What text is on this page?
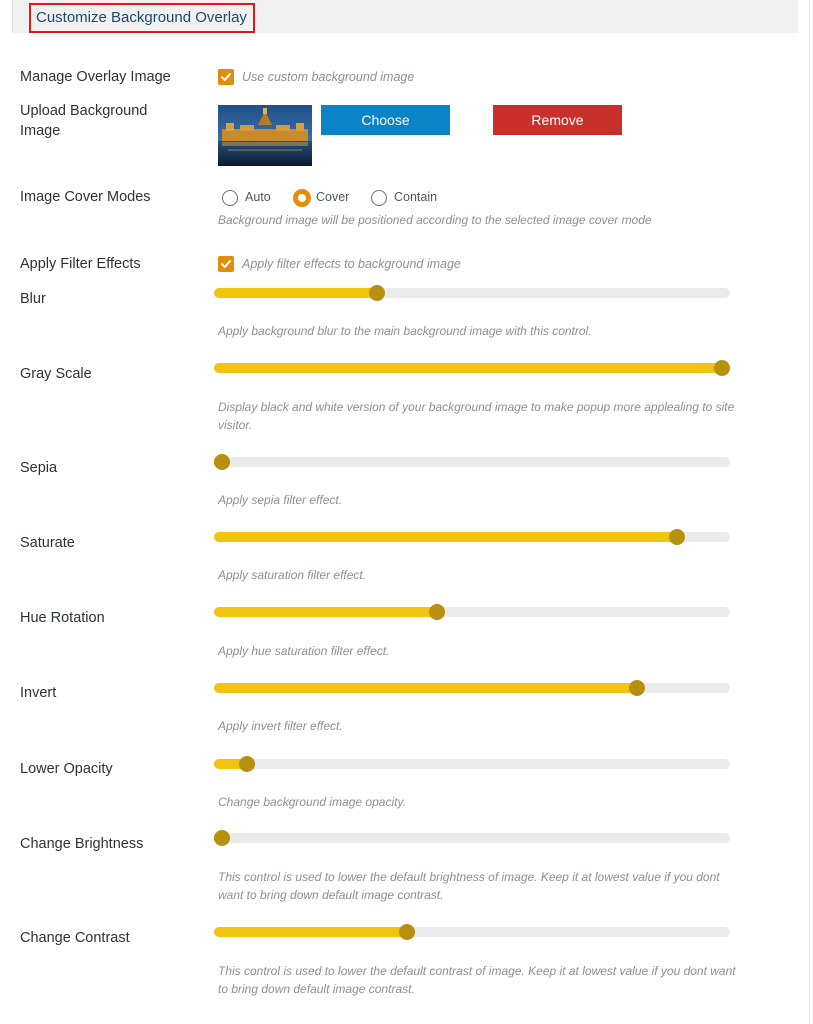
Customize Background Overlay
Manage Overlay Image	Use custom background image
Upload Background Image
Choose	Remove
Image Cover Modes	Auto	Cover	Contain
Background image will be positioned according to the selected image cover mode
Apply Filter Effects	Apply filter effects to background image
Blur
Apply background blur to the main background image with this control.
Gray Scale
Display black and white version of your background image to make popup more applealing to site visitor.
Sepia
Apply sepia filter effect.
Saturate
Apply saturation filter effect.
Hue Rotation
Apply hue saturation filter effect.
Invert
Apply invert filter effect.
Lower Opacity
Change background image opacity.
Change Brightness
This control is used to lower the default brightness of image. Keep it at lowest value if you dont want to bring down default image contrast.
Change Contrast
This control is used to lower the default contrast of image. Keep it at lowest value if you dont want to bring down default image contrast.
